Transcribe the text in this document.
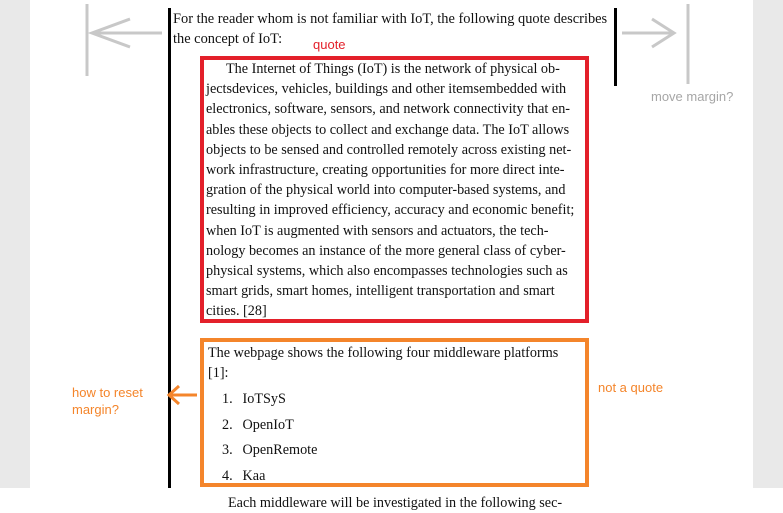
For the reader whom is not familiar with IoT, the following quote describes
the concept of IoT:	quote
move margin?
The Internet of Things (IoT) is the network of physical ob-
jectsdevices, vehicles, buildings and other itemsembedded with
electronics, software, sensors, and network connectivity that en-
ables these objects to collect and exchange data. The IoT allows
objects to be sensed and controlled remotely across existing net-
work infrastructure, creating opportunities for more direct inte-
gration of the physical world into computer-based systems, and
resulting in improved efficiency, accuracy and economic benefit;
when IoT is augmented with sensors and actuators, the tech-
nology becomes an instance of the more general class of cyber-
physical systems, which also encompasses technologies such as
smart grids, smart homes, intelligent transportation and smart
cities. [28]

The webpage shows the following four middleware platforms [1]:

1. IoTSyS
2. OpenIoT
3. OpenRemote
4. Kaa

Each middleware will be investigated in the following sec-

not a quote
how to reset
margin?
